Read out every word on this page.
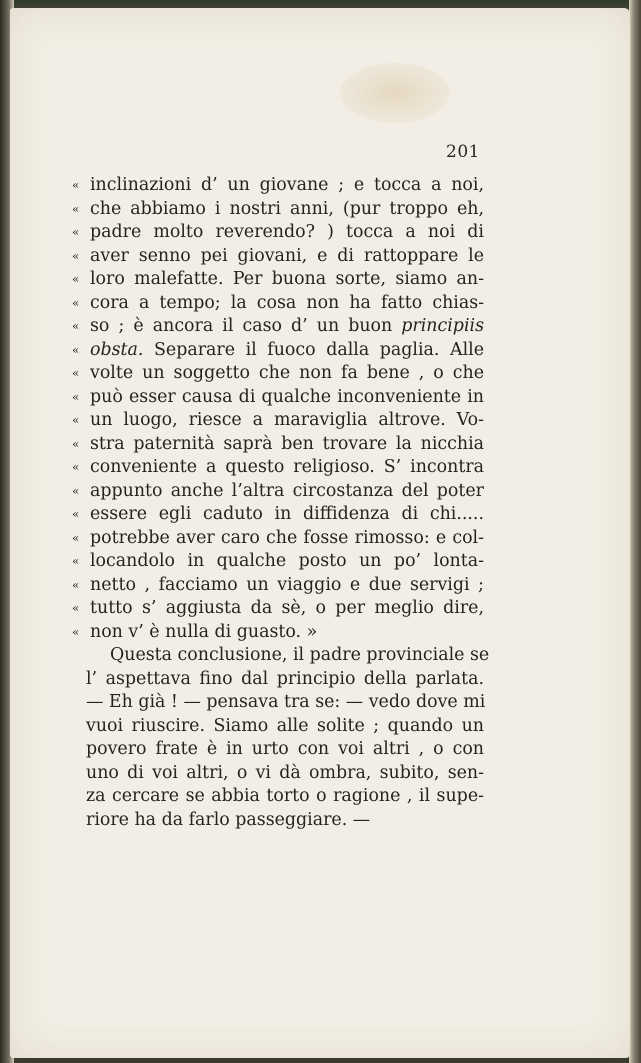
201
« inclinazioni d’ un giovane ; e tocca a noi,
« che abbiamo i nostri anni, (pur troppo eh,
« padre molto reverendo? ) tocca a noi di
« aver senno pei giovani, e di rattoppare le
« loro malefatte. Per buona sorte, siamo an-
« cora a tempo; la cosa non ha fatto chias-
« so ; è ancora il caso d’ un buon principiis
« obsta. Separare il fuoco dalla paglia. Alle
« volte un soggetto che non fa bene , o che
« può esser causa di qualche inconveniente in
« un luogo, riesce a maraviglia altrove. Vo-
« stra paternità saprà ben trovare la nicchia
« conveniente a questo religioso. S’ incontra
« appunto anche l’altra circostanza del poter
« essere egli caduto in diffidenza di chi.....
« potrebbe aver caro che fosse rimosso: e col-
« locandolo in qualche posto un po’ lonta-
« netto , facciamo un viaggio e due servigi ;
« tutto s’ aggiusta da sè, o per meglio dire,
« non v’ è nulla di guasto. »
Questa conclusione, il padre provinciale se
l’ aspettava fino dal principio della parlata.
— Eh già ! — pensava tra se: — vedo dove mi
vuoi riuscire. Siamo alle solite ; quando un
povero frate è in urto con voi altri , o con
uno di voi altri, o vi dà ombra, subito, sen-
za cercare se abbia torto o ragione , il supe-
riore ha da farlo passeggiare. —
